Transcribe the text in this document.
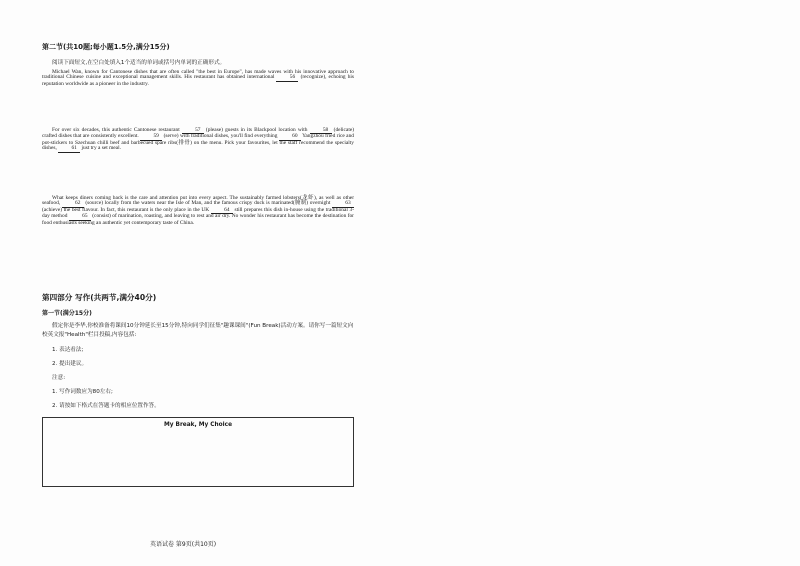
第二节(共10题;每小题1.5分,满分15分)
阅读下面短文,在空白处填入1个适当的单词或括号内单词的正确形式。
Michael Wan, known for Cantonese dishes that are often called "the best in Europe", has made waves with his innovative approach to traditional Chinese cuisine and exceptional management skills. His restaurant has obtained international	56 (recognize), echoing his reputation worldwide as a pioneer in the industry.
For over six decades, this authentic Cantonese restaurant	57 (please) guests in its Blackpool location with	58 (delicate) crafted dishes that are consistently excellent.	59 (serve) with traditional dishes, you'll find everything	60 Yangzhou fried rice and pot-stickers to Szechuan chilli beef and barbecued spare ribs(排骨) on the menu. Pick your favourites, let the staff recommend the specialty dishes,	61 just try a set meal.
What keeps diners coming back is the care and attention put into every aspect. The sustainably farmed lobsters(龙虾), as well as other seafood,	62 (source) locally from the waters near the Isle of Man, and the famous crispy duck is marinated(腌制) overnight	63 (achieve) the best flavour. In fact, this restaurant is the only place in the UK	64 still prepares this dish in-house using the traditional 3-day method	65 (consist) of marination, roasting, and leaving to rest and air dry. No wonder his restaurant has become the destination for food enthusiasts seeking an authentic yet contemporary taste of China.
第四部分 写作(共两节,满分40分)
第一节(满分15分)
假定你是李华,你校准备将课间10分钟延长至15分钟,特向同学们征集"趣课课间"(Fun Break)活动方案。请你写一篇短文向校英文报"Health"栏目投稿,内容包括:
1. 表达看法;
2. 提出建议。
注意:
1. 写作词数应为80左右;
2. 请按如下格式在答题卡的相应位置作答。
My Break, My Choice
英语试卷 第9页(共10页)
